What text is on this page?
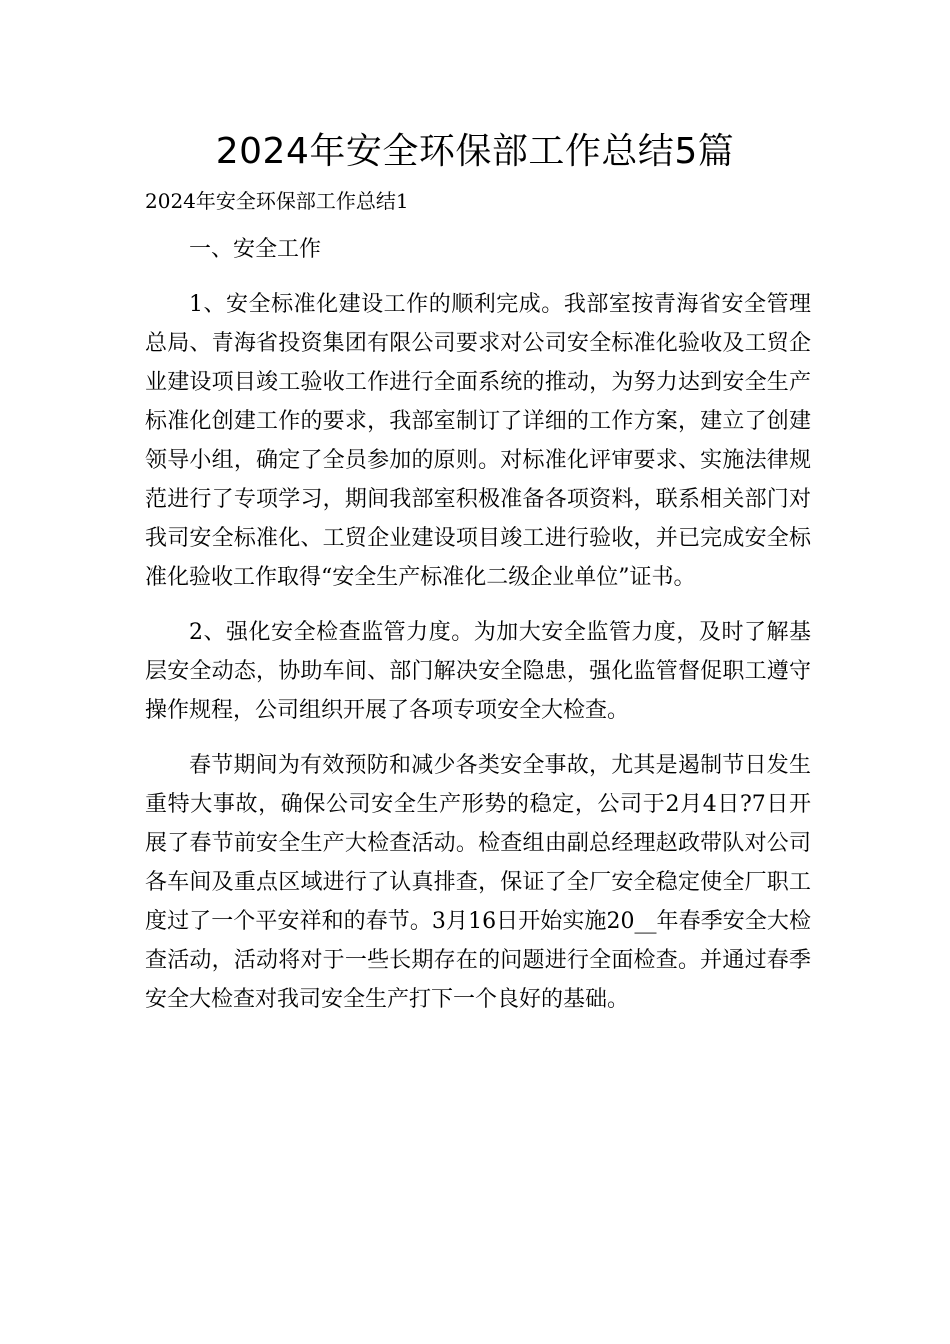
2024年安全环保部工作总结5篇
2024年安全环保部工作总结1

一、安全工作

1、安全标准化建设工作的顺利完成。我部室按青海省安全管理总局、青海省投资集团有限公司要求对公司安全标准化验收及工贸企业建设项目竣工验收工作进行全面系统的推动，为努力达到安全生产标准化创建工作的要求，我部室制订了详细的工作方案，建立了创建领导小组，确定了全员参加的原则。对标准化评审要求、实施法律规范进行了专项学习，期间我部室积极准备各项资料，联系相关部门对我司安全标准化、工贸企业建设项目竣工进行验收，并已完成安全标准化验收工作取得“安全生产标准化二级企业单位”证书。

2、强化安全检查监管力度。为加大安全监管力度，及时了解基层安全动态，协助车间、部门解决安全隐患，强化监管督促职工遵守操作规程，公司组织开展了各项专项安全大检查。

春节期间为有效预防和减少各类安全事故，尤其是遏制节日发生重特大事故，确保公司安全生产形势的稳定，公司于2月4日?7日开展了春节前安全生产大检查活动。检查组由副总经理赵政带队对公司各车间及重点区域进行了认真排查，保证了全厂安全稳定使全厂职工度过了一个平安祥和的春节。3月16日开始实施20__年春季安全大检查活动，活动将对于一些长期存在的问题进行全面检查。并通过春季安全大检查对我司安全生产打下一个良好的基础。
